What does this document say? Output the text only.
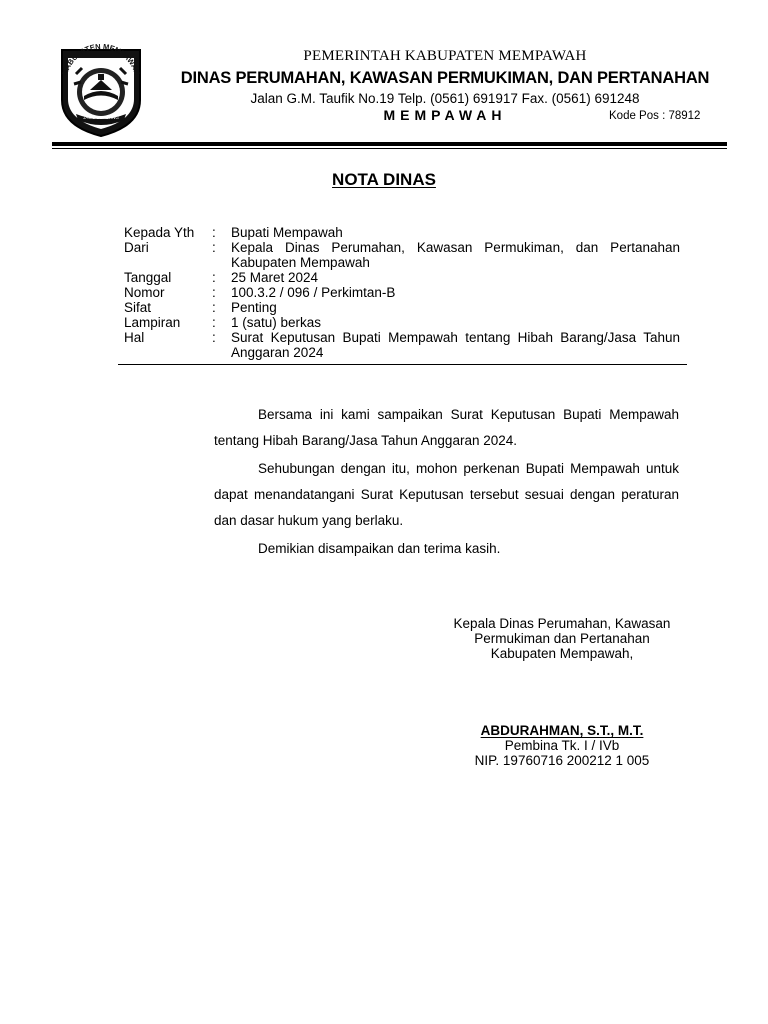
KABUPATEN MEMPAWAH
JAGO BENDANG
PEMERINTAH KABUPATEN MEMPAWAH
DINAS PERUMAHAN, KAWASAN PERMUKIMAN, DAN PERTANAHAN
Jalan G.M. Taufik No.19 Telp. (0561) 691917 Fax. (0561) 691248
MEMPAWAH	Kode Pos : 78912
NOTA DINAS
Kepada Yth	:	Bupati Mempawah
Dari	:	Kepala Dinas Perumahan, Kawasan Permukiman, dan Pertanahan Kabupaten Mempawah
Tanggal	:	25 Maret 2024
Nomor	:	100.3.2 / 096 / Perkimtan-B
Sifat	:	Penting
Lampiran	:	1 (satu) berkas
Hal	:	Surat Keputusan Bupati Mempawah tentang Hibah Barang/Jasa Tahun Anggaran 2024

Bersama ini kami sampaikan Surat Keputusan Bupati Mempawah tentang Hibah Barang/Jasa Tahun Anggaran 2024.

Sehubungan dengan itu, mohon perkenan Bupati Mempawah untuk dapat menandatangani Surat Keputusan tersebut sesuai dengan peraturan dan dasar hukum yang berlaku.

Demikian disampaikan dan terima kasih.

Kepala Dinas Perumahan, Kawasan
Permukiman dan Pertanahan
Kabupaten Mempawah,
ABDURAHMAN, S.T., M.T.
Pembina Tk. I / IVb
NIP. 19760716 200212 1 005
